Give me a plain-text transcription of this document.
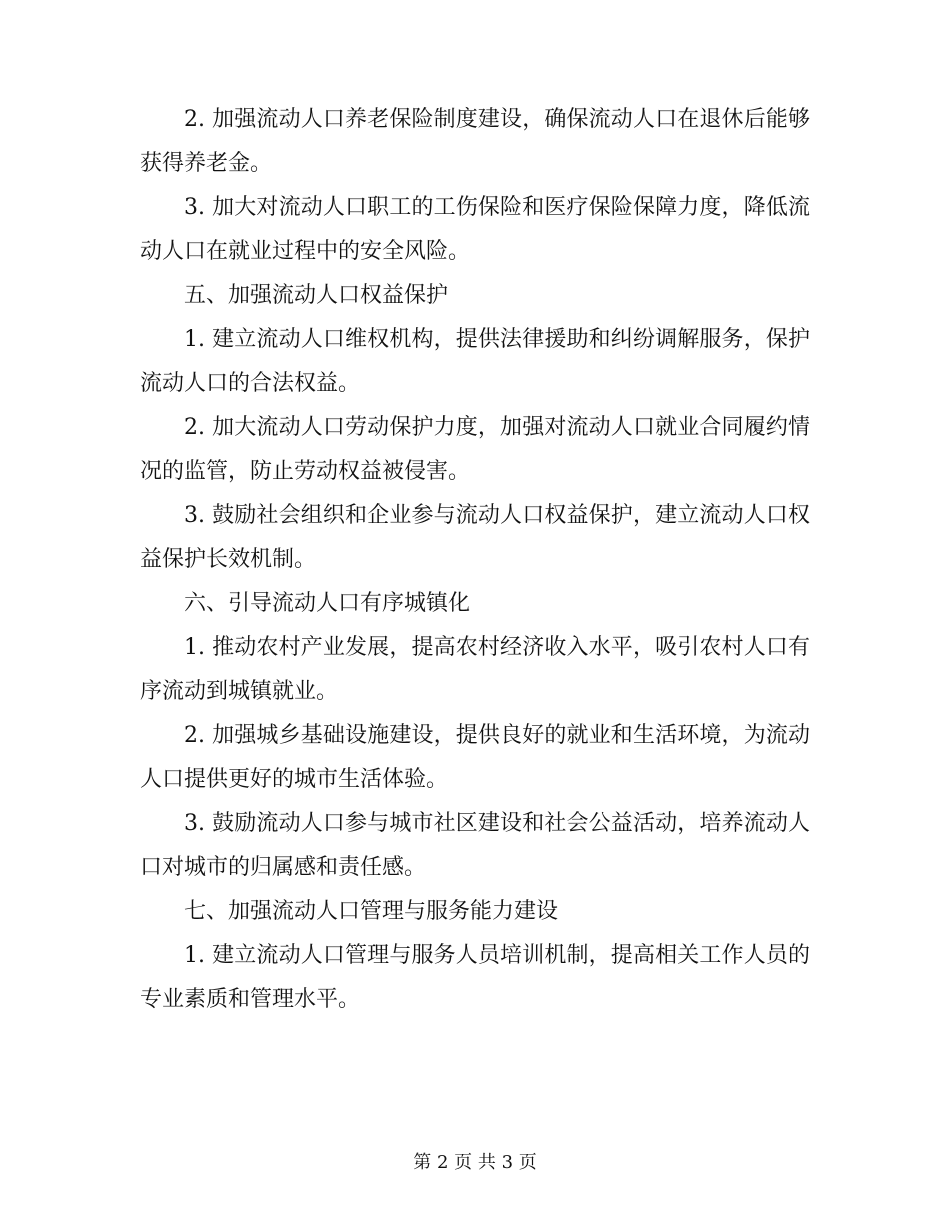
2. 加强流动人口养老保险制度建设，确保流动人口在退休后能够获得养老金。

3. 加大对流动人口职工的工伤保险和医疗保险保障力度，降低流动人口在就业过程中的安全风险。

五、加强流动人口权益保护

1. 建立流动人口维权机构，提供法律援助和纠纷调解服务，保护流动人口的合法权益。

2. 加大流动人口劳动保护力度，加强对流动人口就业合同履约情况的监管，防止劳动权益被侵害。

3. 鼓励社会组织和企业参与流动人口权益保护，建立流动人口权益保护长效机制。

六、引导流动人口有序城镇化

1. 推动农村产业发展，提高农村经济收入水平，吸引农村人口有序流动到城镇就业。

2. 加强城乡基础设施建设，提供良好的就业和生活环境，为流动人口提供更好的城市生活体验。

3. 鼓励流动人口参与城市社区建设和社会公益活动，培养流动人口对城市的归属感和责任感。

七、加强流动人口管理与服务能力建设

1. 建立流动人口管理与服务人员培训机制，提高相关工作人员的专业素质和管理水平。

第 2 页 共 3 页
